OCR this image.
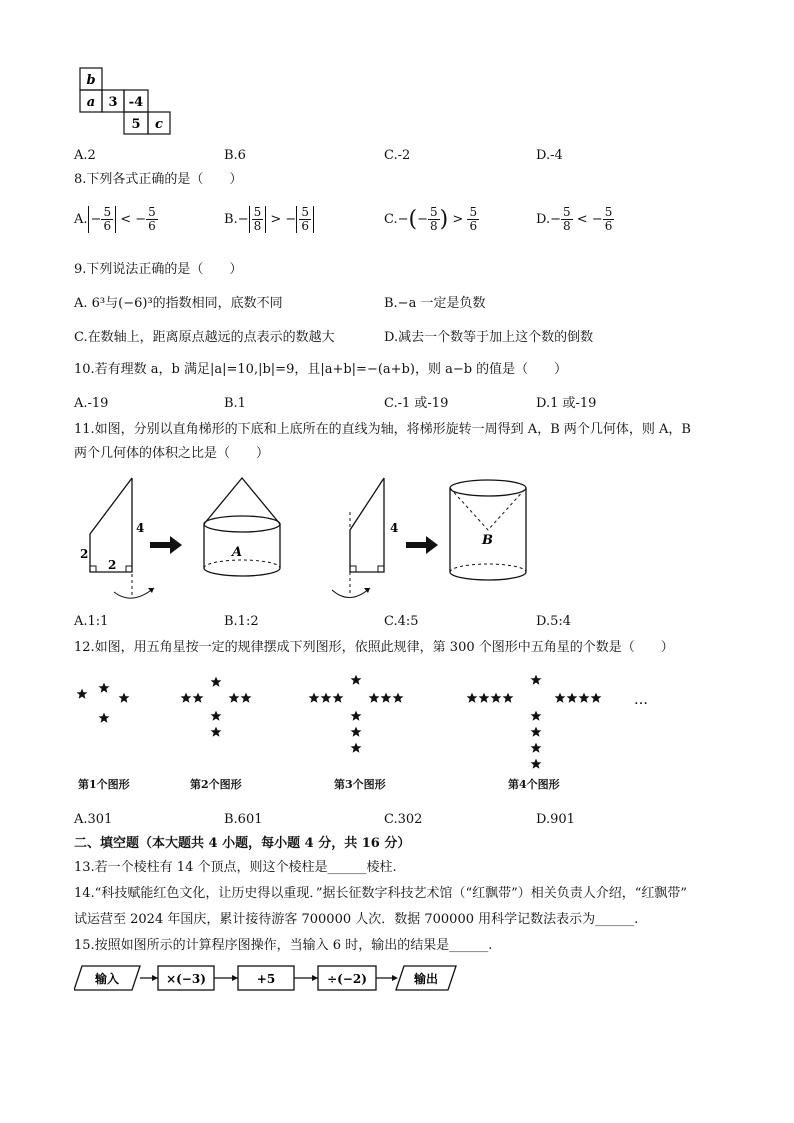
b
a 3 -4
5 c
A.2	B.6	C.-2	D.-4
8.下列各式正确的是（　　）
A. − $\frac{5}{6}$ < − $\frac{5}{6}$	$B.- \frac{5}{8}$ > − $\frac{5}{6}$	$C.-(- \frac{5}{8}$ ) > $\frac{5}{6}$	$D.- \frac{5}{8}$ < − $\frac{5}{6}$
9.下列说法正确的是（　　）
A. 6³与(−6)³的指数相同，底数不同	B.−a 一定是负数
C.在数轴上，距离原点越远的点表示的数越大	D.减去一个数等于加上这个数的倒数
10.若有理数 a，b 满足|a|=10,|b|=9，且|a+b|=−(a+b)，则 a−b 的值是（　　）
A.-19	B.1	C.-1 或-19	D.1 或-19
11.如图，分别以直角梯形的下底和上底所在的直线为轴，将梯形旋转一周得到 A，B 两个几何体，则 A，B
两个几何体的体积之比是（　　）
4
2
2
A
4
B
A.1:1	B.1:2	C.4:5	D.5:4
12.如图，用五角星按一定的规律摆成下列图形，依照此规律，第 300 个图形中五角星的个数是（　　）
…
第1个图形	第2个图形	第3个图形	第4个图形
A.301	B.601	C.302	D.901
二、填空题（本大题共 4 小题，每小题 4 分，共 16 分）
13.若一个棱柱有 14 个顶点，则这个棱柱是______棱柱.
14.“科技赋能红色文化，让历史得以重现．”据长征数字科技艺术馆（“红飘带”）相关负责人介绍，“红飘带”
试运营至 2024 年国庆，累计接待游客 700000 人次．数据 700000 用科学记数法表示为______.
15.按照如图所示的计算程序图操作，当输入 6 时，输出的结果是______.
输入	×(−3)	+5	÷(−2)	输出
